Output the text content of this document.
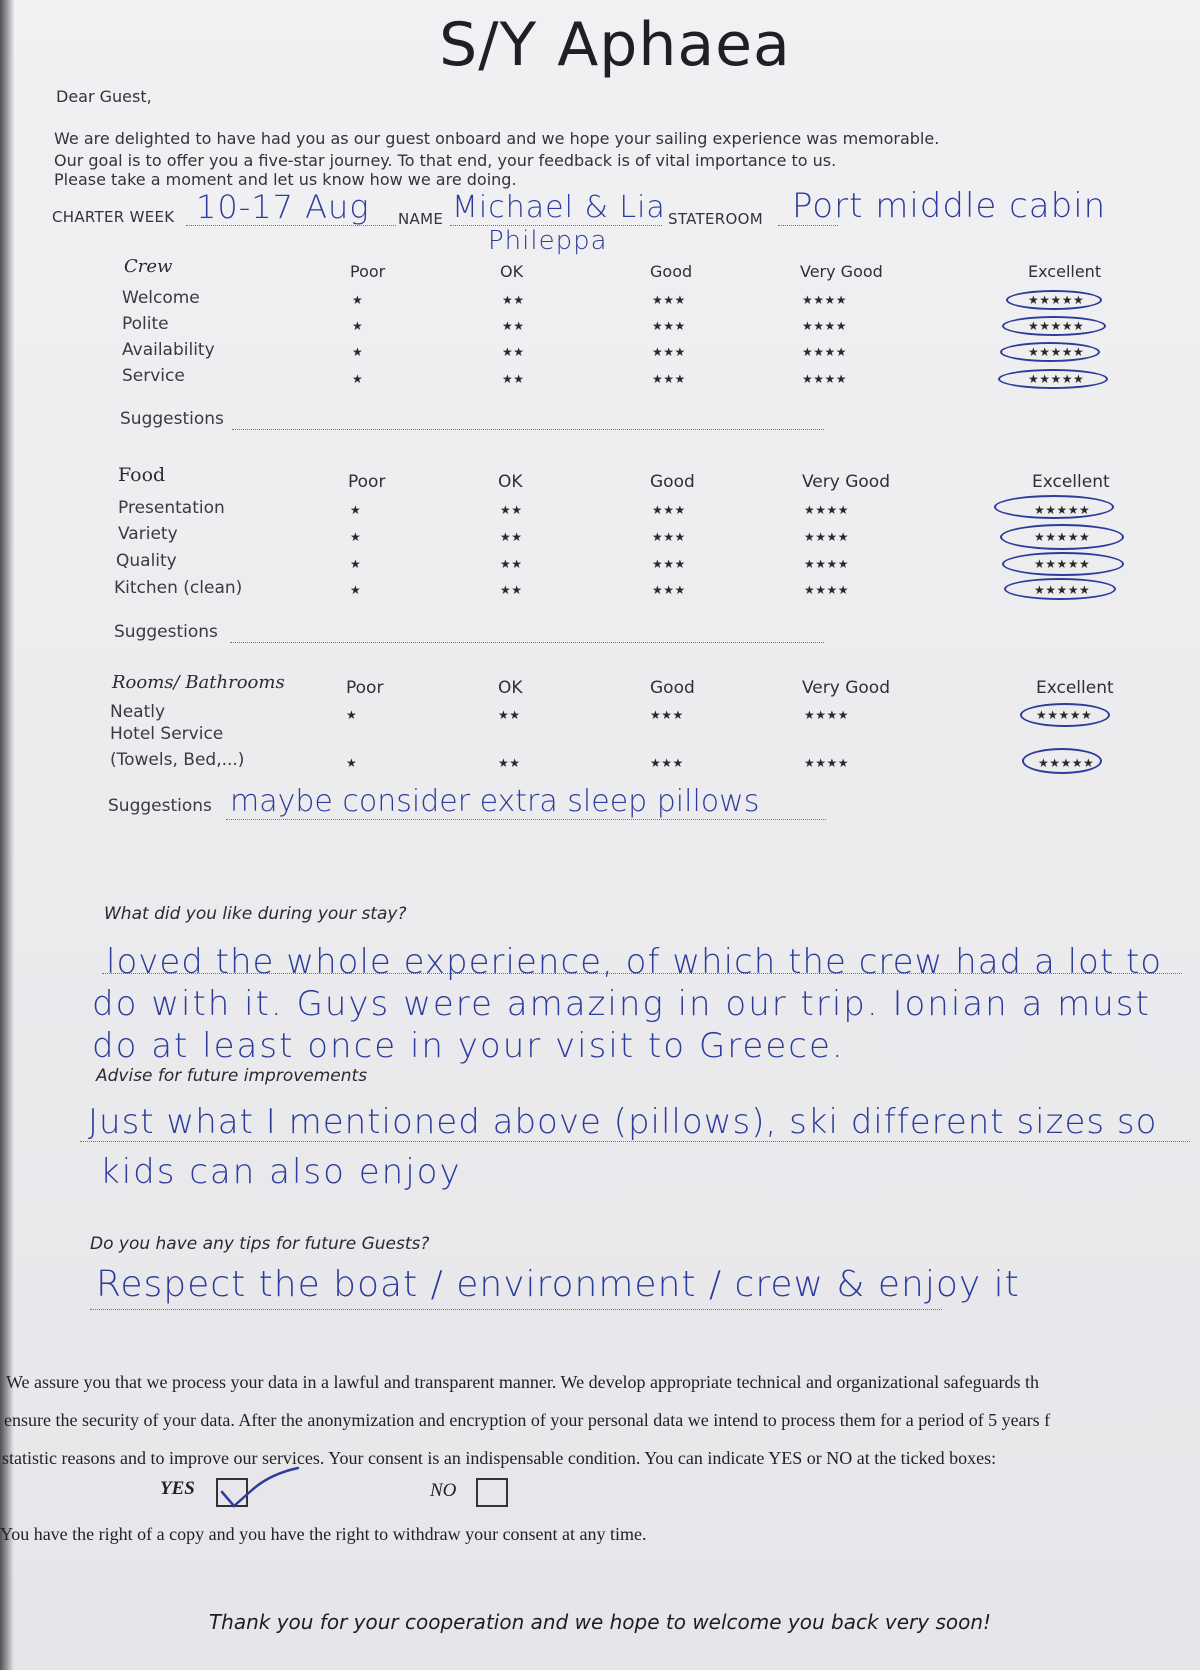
S/Y Aphaea
Dear Guest,
We are delighted to have had you as our guest onboard and we hope your sailing experience was memorable.
Our goal is to offer you a five-star journey. To that end, your feedback is of vital importance to us.
Please take a moment and let us know how we are doing.
CHARTER WEEK 10-17 Aug NAME Michael & Lia
Phileppa
STATEROOM Port middle cabin
Crew	Poor	OK	Good	Very Good	Excellent
Welcome	★	★★	★★★	★★★★	★★★★★
Polite	★	★★	★★★	★★★★	★★★★★
Availability	★	★★	★★★	★★★★	★★★★★
Service	★	★★	★★★	★★★★	★★★★★
Suggestions
Food	Poor	OK	Good	Very Good	Excellent
Presentation	★	★★	★★★	★★★★	★★★★★
Variety	★	★★	★★★	★★★★	★★★★★
Quality	★	★★	★★★	★★★★	★★★★★
Kitchen (clean)	★	★★	★★★	★★★★	★★★★★
Suggestions
Rooms/ Bathrooms	Poor	OK	Good	Very Good	Excellent
Neatly	★	★★	★★★	★★★★	★★★★★
Hotel Service
(Towels, Bed,...)	★	★★	★★★	★★★★	★★★★★
Suggestions maybe consider extra sleep pillows
What did you like during your stay?
loved the whole experience, of which the crew had a lot to
do with it. Guys were amazing in our trip. Ionian a must
do at least once in your visit to Greece.
Advise for future improvements
Just what I mentioned above (pillows), ski different sizes so
kids can also enjoy
Do you have any tips for future Guests?
Respect the boat / environment / crew & enjoy it
We assure you that we process your data in a lawful and transparent manner. We develop appropriate technical and organizational safeguards th
ensure the security of your data. After the anonymization and encryption of your personal data we intend to process them for a period of 5 years f
statistic reasons and to improve our services. Your consent is an indispensable condition. You can indicate YES or NO at the ticked boxes:
YES	NO
You have the right of a copy and you have the right to withdraw your consent at any time.
Thank you for your cooperation and we hope to welcome you back very soon!
